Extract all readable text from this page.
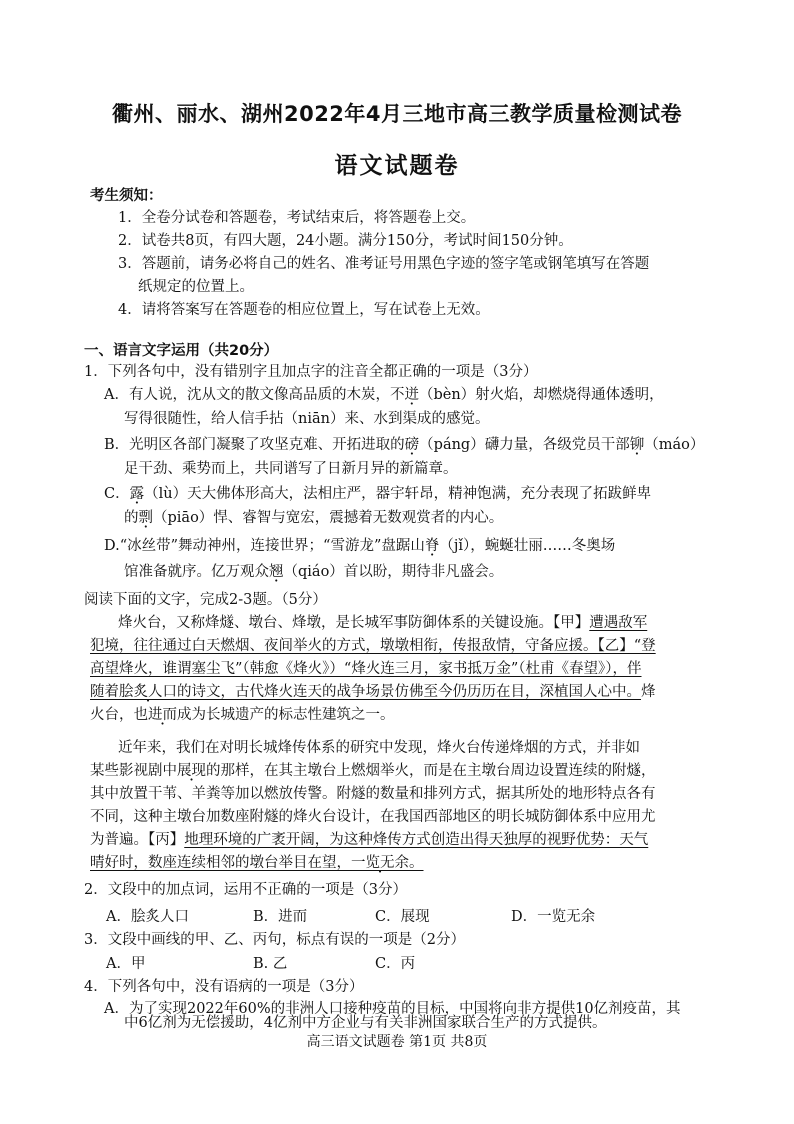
衢州、丽水、湖州2022年4月三地市高三教学质量检测试卷
语文试题卷
考生须知：
1．全卷分试卷和答题卷，考试结束后，将答题卷上交。
2．试卷共8页，有四大题，24小题。满分150分，考试时间150分钟。
3．答题前，请务必将自己的姓名、准考证号用黑色字迹的签字笔或钢笔填写在答题
纸规定的位置上。
4．请将答案写在答题卷的相应位置上，写在试卷上无效。
一、语言文字运用（共20分）
1．下列各句中，没有错别字且加点字的注音全都正确的一项是（3分）
A．有人说，沈从文的散文像高品质的木炭，不迸（bèn）射火焰，却燃烧得通体透明，
写得很随性，给人信手拈（niān）来、水到渠成的感觉。
B．光明区各部门凝聚了攻坚克难、开拓进取的磅（páng）礴力量，各级党员干部铆（máo）
足干劲、乘势而上，共同谱写了日新月异的新篇章。
C．露（lù）天大佛体形高大，法相庄严，器宇轩昂，精神饱满，充分表现了拓跋鲜卑
的剽（piāo）悍、睿智与宽宏，震撼着无数观赏者的内心。
D.“冰丝带”舞动神州，连接世界；“雪游龙”盘踞山脊（jǐ），蜿蜒壮丽……冬奥场
馆准备就序。亿万观众翘（qiáo）首以盼，期待非凡盛会。
阅读下面的文字，完成2-3题。（5分）
烽火台，又称烽燧、墩台、烽墩，是长城军事防御体系的关键设施。【甲】遭遇敌军
犯境，往往通过白天燃烟、夜间举火的方式，墩墩相衔，传报敌情，守备应援。【乙】“登
高望烽火，谁谓塞尘飞”（韩愈《烽火》）“烽火连三月，家书抵万金”（杜甫《春望》），伴
随着脍炙人口的诗文，古代烽火连天的战争场景仿佛至今仍历历在目，深植国人心中。烽
火台，也进而成为长城遗产的标志性建筑之一。
近年来，我们在对明长城烽传体系的研究中发现，烽火台传递烽烟的方式，并非如
某些影视剧中展现的那样，在其主墩台上燃烟举火，而是在主墩台周边设置连续的附燧，
其中放置干苇、羊粪等加以燃放传警。附燧的数量和排列方式，据其所处的地形特点各有
不同，这种主墩台加数座附燧的烽火台设计，在我国西部地区的明长城防御体系中应用尤
为普遍。【丙】地理环境的广袤开阔，为这种烽传方式创造出得天独厚的视野优势：天气
晴好时，数座连续相邻的墩台举目在望，一览无余。
2．文段中的加点词，运用不正确的一项是（3分）
A．脍炙人口	B．进而	C．展现	D．一览无余
3．文段中画线的甲、乙、丙句，标点有误的一项是（2分）
A．甲	B. 乙	C．丙
4．下列各句中，没有语病的一项是（3分）
A．为了实现2022年60%的非洲人口接种疫苗的目标，中国将向非方提供10亿剂疫苗，其
中6亿剂为无偿援助，4亿剂中方企业与有关非洲国家联合生产的方式提供。
高三语文试题卷 第1页 共8页
